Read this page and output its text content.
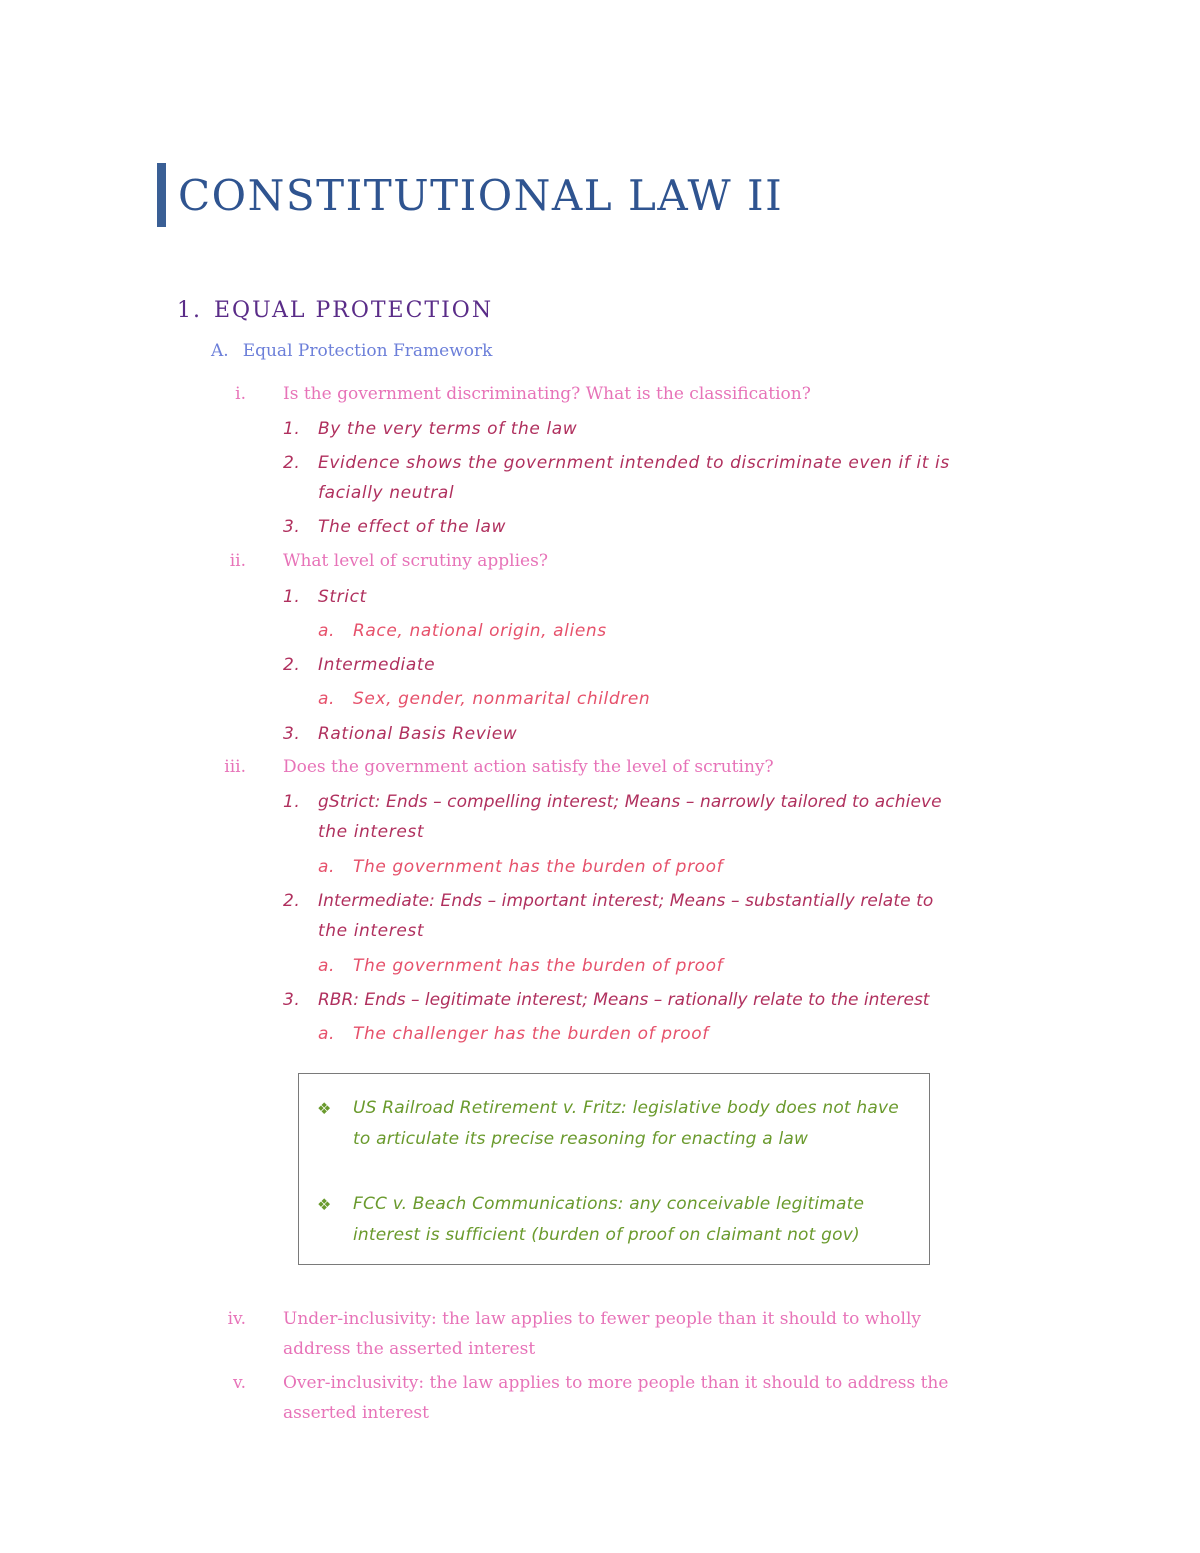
CONSTITUTIONAL LAW II
1. EQUAL PROTECTION
A. Equal Protection Framework
i. Is the government discriminating? What is the classification?
1. By the very terms of the law
2. Evidence shows the government intended to discriminate even if it is
facially neutral
3. The effect of the law
ii. What level of scrutiny applies?
1. Strict
a. Race, national origin, aliens
2. Intermediate
a. Sex, gender, nonmarital children
3. Rational Basis Review
iii. Does the government action satisfy the level of scrutiny?
1. gStrict: Ends – compelling interest; Means – narrowly tailored to achieve
the interest
a. The government has the burden of proof
2. Intermediate: Ends – important interest; Means – substantially relate to
the interest
a. The government has the burden of proof
3. RBR: Ends – legitimate interest; Means – rationally relate to the interest
a. The challenger has the burden of proof
❖ US Railroad Retirement v. Fritz: legislative body does not have to articulate its precise reasoning for enacting a law
❖ FCC v. Beach Communications: any conceivable legitimate interest is sufficient (burden of proof on claimant not gov)
iv. Under-inclusivity: the law applies to fewer people than it should to wholly
address the asserted interest
v. Over-inclusivity: the law applies to more people than it should to address the
asserted interest
